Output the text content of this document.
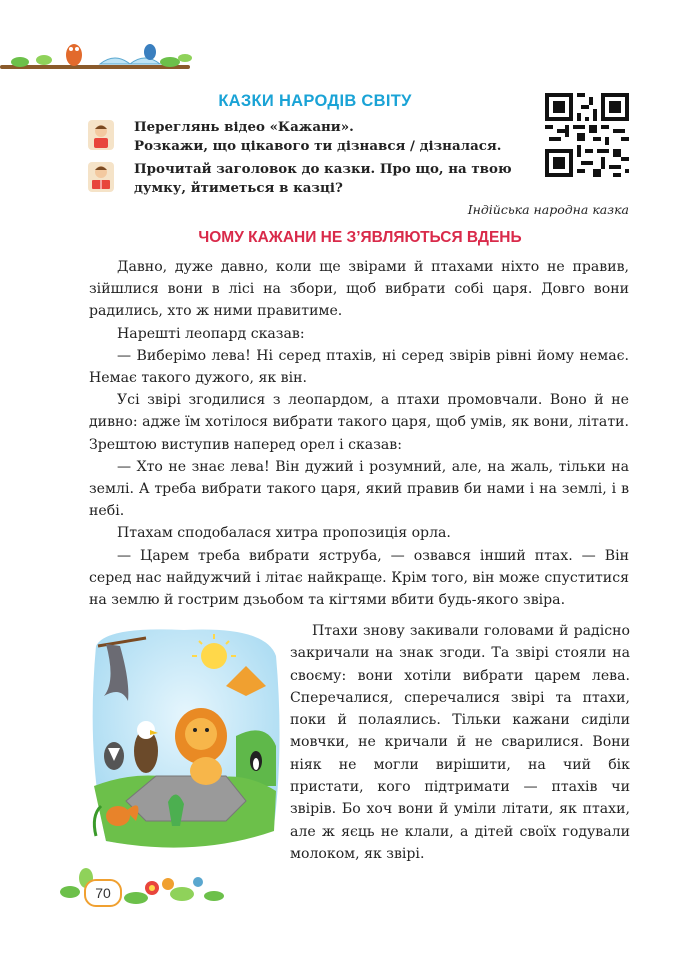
КАЗКИ НАРОДІВ СВІТУ
Переглянь відео «Кажани».
Розкажи, що цікавого ти дізнався / дізналася.
Прочитай заголовок до казки. Про що, на твою
думку, йтиметься в казці?
Індійська народна казка
ЧОМУ КАЖАНИ НЕ З’ЯВЛЯЮТЬСЯ ВДЕНЬ

Давно, дуже давно, коли ще звірами й птахами ніхто не правив, зійшлися вони в лісі на збори, щоб вибрати собі царя. Довго вони радились, хто ж ними правитиме.

Нарешті леопард сказав:

— Виберімо лева! Ні серед птахів, ні серед звірів рівні йому немає. Немає такого дужого, як він.

Усі звірі згодилися з леопардом, а птахи промовчали. Воно й не дивно: адже їм хотілося вибрати такого царя, щоб умів, як вони, літати. Зрештою виступив наперед орел і сказав:

— Хто не знає лева! Він дужий і розумний, але, на жаль, тільки на землі. А треба вибрати такого царя, який правив би нами і на землі, і в небі.

Птахам сподобалася хитра пропозиція орла.

— Царем треба вибрати яструба, — озвався інший птах. — Він серед нас найдужчий і літає найкраще. Крім того, він може спуститися на землю й гострим дзьобом та кігтями вбити будь-якого звіра.

Птахи знову закивали головами й радісно закричали на знак згоди. Та звірі стояли на своєму: вони хотіли вибрати царем лева. Сперечалися, сперечалися звірі та птахи, поки й полаялись. Тільки кажани сиділи мовчки, не кричали й не сварилися. Вони ніяк не могли вирішити, на чий бік пристати, кого підтримати — птахів чи звірів. Бо хоч вони й уміли літати, як птахи, але ж яєць не клали, а дітей своїх годували молоком, як звірі.

70
